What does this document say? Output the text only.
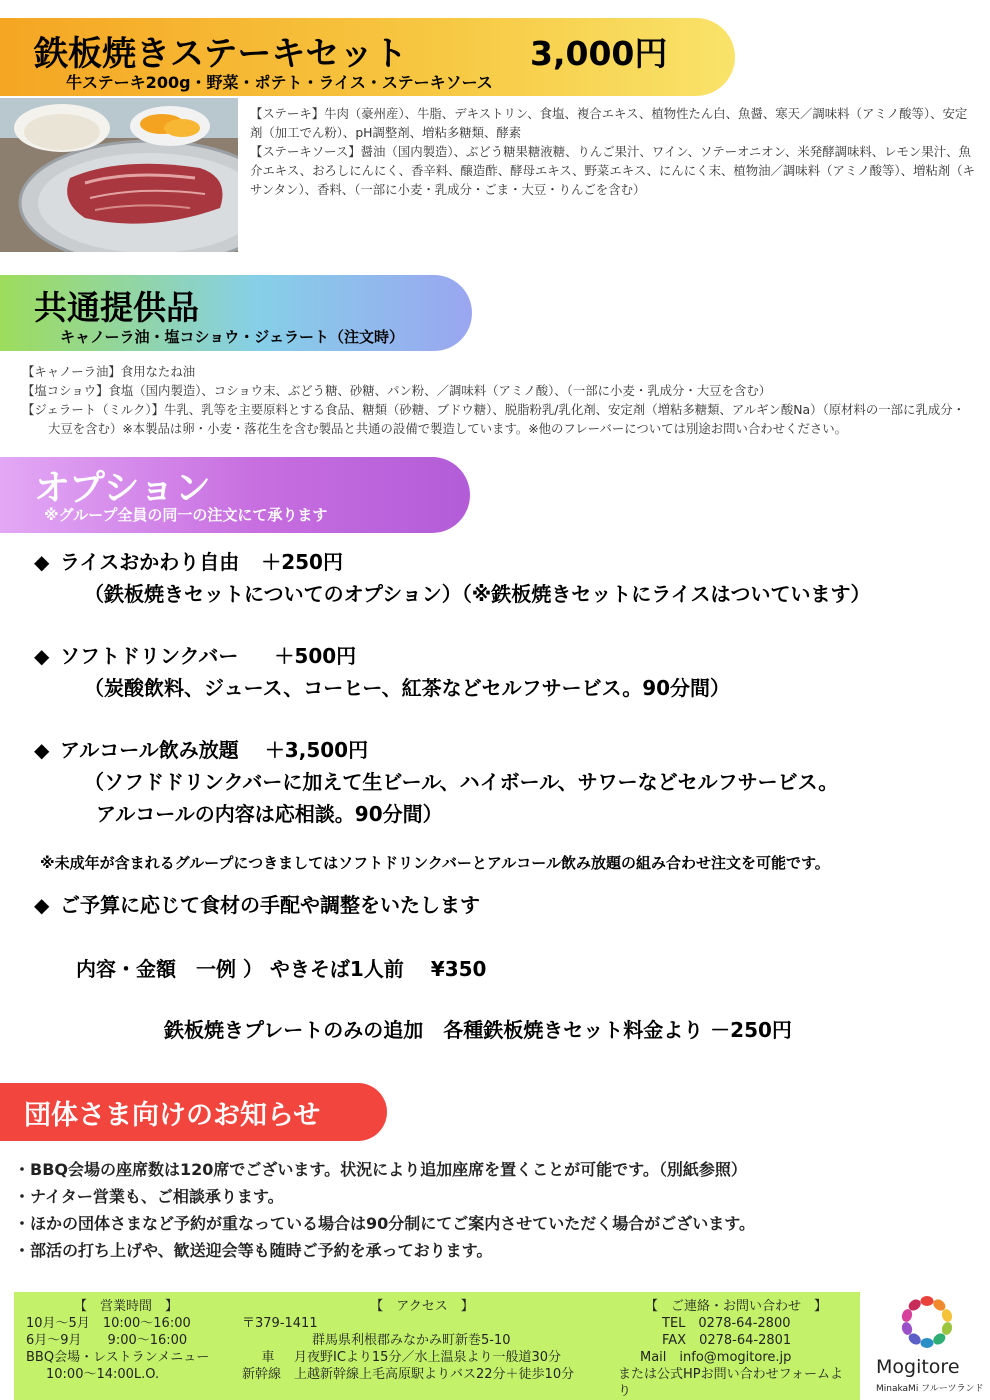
鉄板焼きステーキセット	3,000円
牛ステーキ200g・野菜・ポテト・ライス・ステーキソース

【ステーキ】牛肉（豪州産）、牛脂、デキストリン、食塩、複合エキス、植物性たん白、魚醤、寒天／調味料（アミノ酸等）、安定剤（加工でん粉）、pH調整剤、増粘多糖類、酵素

【ステーキソース】醤油（国内製造）、ぶどう糖果糖液糖、りんご果汁、ワイン、ソテーオニオン、米発酵調味料、レモン果汁、魚介エキス、おろしにんにく、香辛料、醸造酢、酵母エキス、野菜エキス、にんにく末、植物油／調味料（アミノ酸等）、増粘剤（キサンタン）、香料、（一部に小麦・乳成分・ごま・大豆・りんごを含む）

共通提供品
キャノーラ油・塩コショウ・ジェラート（注文時）

【キャノーラ油】食用なたね油

【塩コショウ】食塩（国内製造）、コショウ末、ぶどう糖、砂糖、パン粉、／調味料（アミノ酸）、（一部に小麦・乳成分・大豆を含む）

【ジェラート（ミルク）】牛乳、乳等を主要原料とする食品、糖類（砂糖、ブドウ糖）、脱脂粉乳/乳化剤、安定剤（増粘多糖類、アルギン酸Na）（原材料の一部に乳成分・大豆を含む）※本製品は卵・小麦・落花生を含む製品と共通の設備で製造しています。※他のフレーバーについては別途お問い合わせください。

オプション
※グループ全員の同一の注文にて承ります
◆ ライスおかわり自由 ＋250円
（鉄板焼きセットについてのオプション）（※鉄板焼きセットにライスはついています）
◆ ソフトドリンクバー ＋500円
（炭酸飲料、ジュース、コーヒー、紅茶などセルフサービス。90分間）
◆ アルコール飲み放題 ＋3,500円
（ソフドドリンクバーに加えて生ビール、ハイボール、サワーなどセルフサービス。
アルコールの内容は応相談。90分間）
※未成年が含まれるグループにつきましてはソフトドリンクバーとアルコール飲み放題の組み合わせ注文を可能です。
◆ ご予算に応じて食材の手配や調整をいたします
内容・金額　一例 ） やきそば1人前　 ¥350
鉄板焼きプレートのみの追加　各種鉄板焼きセット料金より －250円
団体さま向けのお知らせ

・BBQ会場の座席数は120席でございます。状況により追加座席を置くことが可能です。（別紙参照）

・ナイター営業も、ご相談承ります。

・ほかの団体さまなど予約が重なっている場合は90分制にてご案内させていただく場合がございます。

・部活の打ち上げや、歓送迎会等も随時ご予約を承っております。

【　営業時間　】
10月～5月　10:00～16:00
6月～9月　　9:00～16:00
BBQ会場・レストランメニュー
10:00～14:00L.O.
【　アクセス　】
〒379-1411
群馬県利根郡みなかみ町新巻5-10
車 月夜野ICより15分／水上温泉より一般道30分
新幹線 上越新幹線上毛高原駅よりバス22分＋徒歩10分
【　ご連絡・お問い合わせ　】
TEL　0278-64-2800
FAX　0278-64-2801
Mail　info@mogitore.jp
または公式HPお問い合わせフォームより
Mogitore
MinakaMi フルーツランド
